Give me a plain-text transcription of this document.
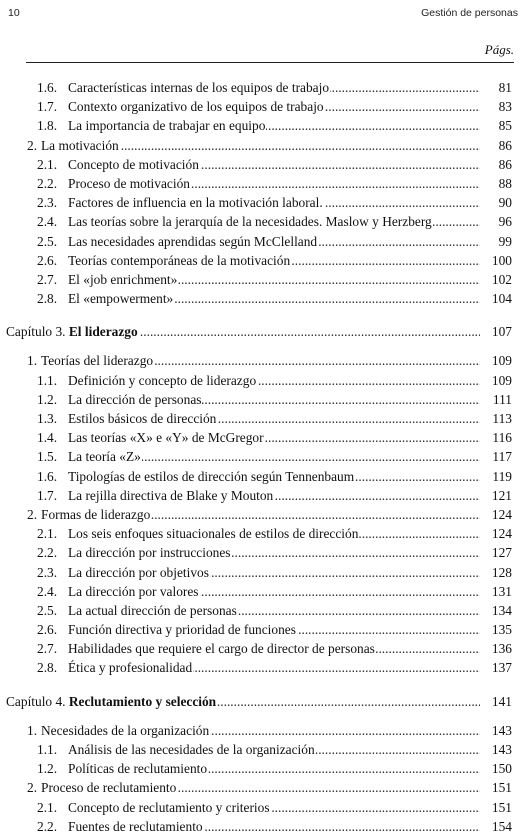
10	Gestión de personas
Págs.
.....
1.6. Características internas de los equipos de trabajo	81
.....
1.7. Contexto organizativo de los equipos de trabajo	83
.....
1.8. La importancia de trabajar en equipo	85
.....
2. La motivación	86
.....
2.1. Concepto de motivación	86
.....
2.2. Proceso de motivación	88
.....
2.3. Factores de influencia en la motivación laboral.	90
.....
2.4. Las teorías sobre la jerarquía de la necesidades. Maslow y Herzberg	96
.....
2.5. Las necesidades aprendidas según McClelland	99
.....
2.6. Teorías contemporáneas de la motivación	100
.....
2.7. El «job enrichment»	102
.....
2.8. El «empowerment»	104
.....
Capítulo 3. El liderazgo	107
.....
1. Teorías del liderazgo	109
.....
1.1. Definición y concepto de liderazgo	109
.....
1.2. La dirección de personas	111
.....
1.3. Estilos básicos de dirección	113
.....
1.4. Las teorías «X» e «Y» de McGregor	116
.....
1.5. La teoría «Z»	117
.....
1.6. Tipologías de estilos de dirección según Tennenbaum	119
.....
1.7. La rejilla directiva de Blake y Mouton	121
.....
2. Formas de liderazgo	124
.....
2.1. Los seis enfoques situacionales de estilos de dirección	124
.....
2.2. La dirección por instrucciones	127
.....
2.3. La dirección por objetivos	128
.....
2.4. La dirección por valores	131
.....
2.5. La actual dirección de personas	134
.....
2.6. Función directiva y prioridad de funciones	135
.....
2.7. Habilidades que requiere el cargo de director de personas	136
.....
2.8. Ética y profesionalidad	137
.....
Capítulo 4. Reclutamiento y selección	141
.....
1. Necesidades de la organización	143
.....
1.1. Análisis de las necesidades de la organización	143
.....
1.2. Políticas de reclutamiento	150
.....
2. Proceso de reclutamiento	151
.....
2.1. Concepto de reclutamiento y criterios	151
.....
2.2. Fuentes de reclutamiento	154
